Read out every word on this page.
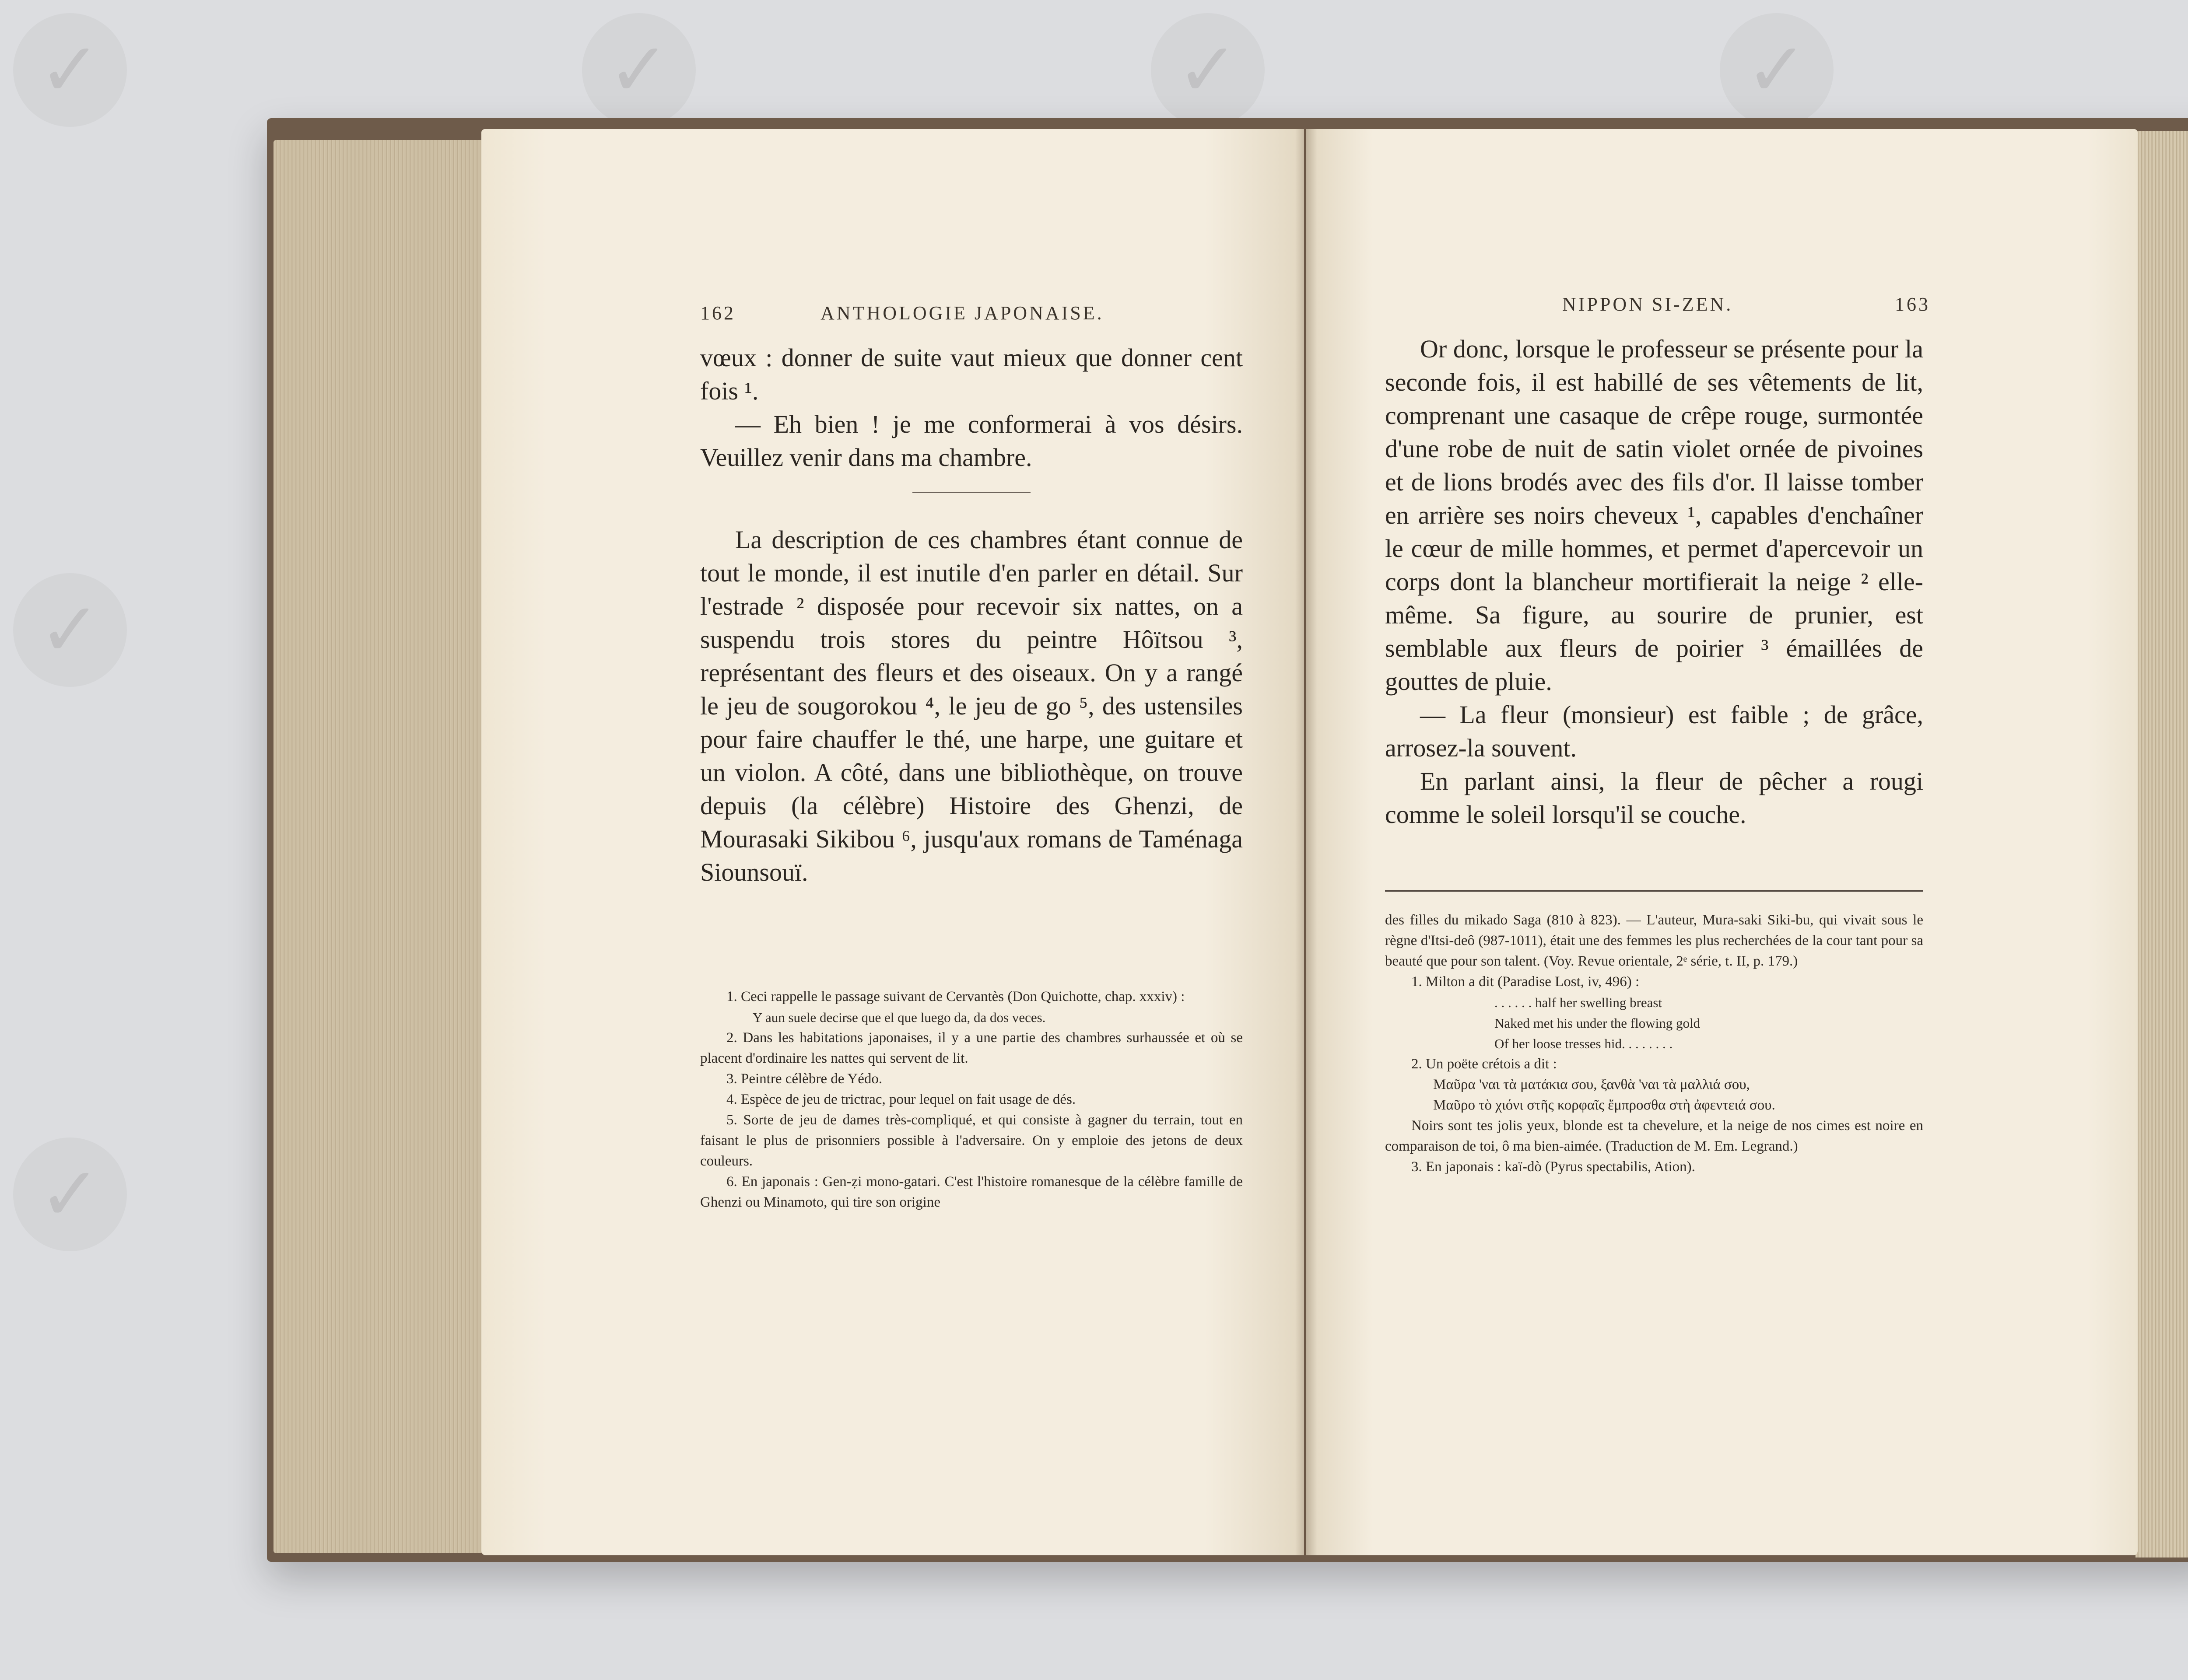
✓	✓	✓	✓
✓
✓
162	ANTHOLOGIE JAPONAISE.

vœux : donner de suite vaut mieux que donner cent fois ¹.

— Eh bien ! je me conformerai à vos désirs. Veuillez venir dans ma chambre.

La description de ces chambres étant connue de tout le monde, il est inutile d'en parler en détail. Sur l'estrade ² disposée pour recevoir six nattes, on a suspendu trois stores du peintre Hôïtsou ³, représentant des fleurs et des oiseaux. On y a rangé le jeu de sougorokou ⁴, le jeu de go ⁵, des ustensiles pour faire chauffer le thé, une harpe, une guitare et un violon. A côté, dans une bibliothèque, on trouve depuis (la célèbre) Histoire des Ghenzi, de Mourasaki Sikibou ⁶, jusqu'aux romans de Taménaga Siounsouï.

1. Ceci rappelle le passage suivant de Cervantès (Don Quichotte, chap. xxxiv) :

Y aun suele decirse que el que luego da, da dos veces.

2. Dans les habitations japonaises, il y a une partie des chambres surhaussée et où se placent d'ordinaire les nattes qui servent de lit.

3. Peintre célèbre de Yédo.

4. Espèce de jeu de trictrac, pour lequel on fait usage de dés.

5. Sorte de jeu de dames très-compliqué, et qui consiste à gagner du terrain, tout en faisant le plus de prisonniers possible à l'adversaire. On y emploie des jetons de deux couleurs.

6. En japonais : Gen-ẓi mono-gatari. C'est l'histoire romanesque de la célèbre famille de Ghenzi ou Minamoto, qui tire son origine

NIPPON SI-ZEN.	163

Or donc, lorsque le professeur se présente pour la seconde fois, il est habillé de ses vêtements de lit, comprenant une casaque de crêpe rouge, surmontée d'une robe de nuit de satin violet ornée de pivoines et de lions brodés avec des fils d'or. Il laisse tomber en arrière ses noirs cheveux ¹, capables d'enchaîner le cœur de mille hommes, et permet d'apercevoir un corps dont la blancheur mortifierait la neige ² elle-même. Sa figure, au sourire de prunier, est semblable aux fleurs de poirier ³ émaillées de gouttes de pluie.

— La fleur (monsieur) est faible ; de grâce, arrosez-la souvent.

En parlant ainsi, la fleur de pêcher a rougi comme le soleil lorsqu'il se couche.

des filles du mikado Saga (810 à 823). — L'auteur, Mura-saki Siki-bu, qui vivait sous le règne d'Itsi-deô (987-1011), était une des femmes les plus recherchées de la cour tant pour sa beauté que pour son talent. (Voy. Revue orientale, 2ᵉ série, t. II, p. 179.)

1. Milton a dit (Paradise Lost, iv, 496) :

. . . . . . half her swelling breast

Naked met his under the flowing gold

Of her loose tresses hid. . . . . . . .

2. Un poëte crétois a dit :

Μαῦρα 'ναι τὰ ματάκια σου, ξανθὰ 'ναι τὰ μαλλιά σου,

Μαῦρο τὸ χιόνι στῆς κορφαῖς ἔμπροσθα στὴ ἀφεντειά σου.

Noirs sont tes jolis yeux, blonde est ta chevelure, et la neige de nos cimes est noire en comparaison de toi, ô ma bien-aimée. (Traduction de M. Em. Legrand.)

3. En japonais : kaï-dò (Pyrus spectabilis, Ation).
